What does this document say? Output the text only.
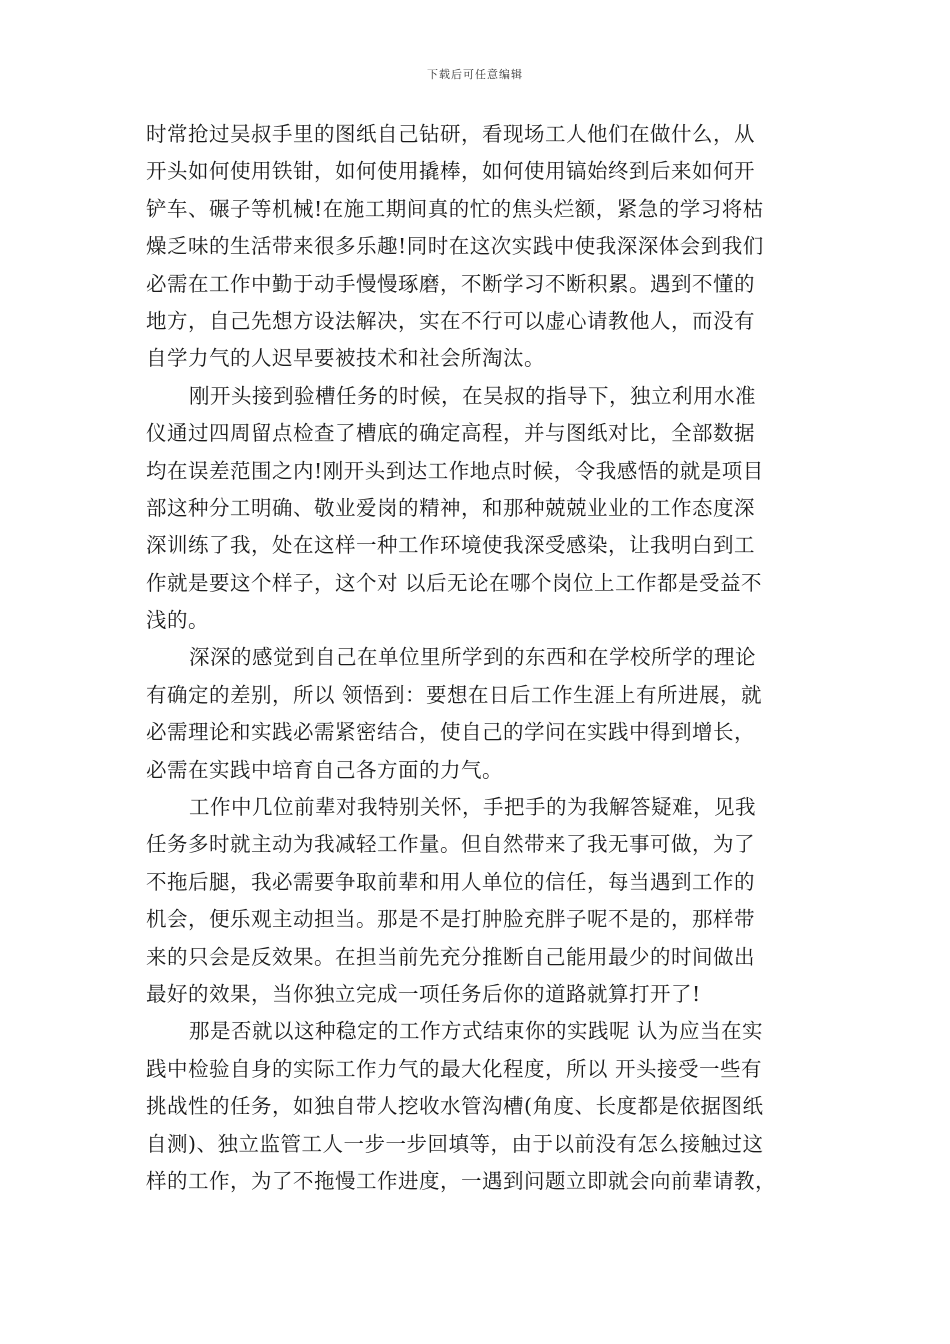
下载后可任意编辑
时常抢过吴叔手里的图纸自己钻研，看现场工人他们在做什么，从
开头如何使用铁钳，如何使用撬棒，如何使用镐始终到后来如何开
铲车、碾子等机械!在施工期间真的忙的焦头烂额，紧急的学习将枯
燥乏味的生活带来很多乐趣!同时在这次实践中使我深深体会到我们
必需在工作中勤于动手慢慢琢磨，不断学习不断积累。遇到不懂的
地方，自己先想方设法解决，实在不行可以虚心请教他人，而没有
自学力气的人迟早要被技术和社会所淘汰。
刚开头接到验槽任务的时候，在吴叔的指导下，独立利用水准
仪通过四周留点检查了槽底的确定高程，并与图纸对比，全部数据
均在误差范围之内!刚开头到达工作地点时候，令我感悟的就是项目
部这种分工明确、敬业爱岗的精神，和那种兢兢业业的工作态度深
深训练了我，处在这样一种工作环境使我深受感染，让我明白到工
作就是要这个样子，这个对 以后无论在哪个岗位上工作都是受益不
浅的。
深深的感觉到自己在单位里所学到的东西和在学校所学的理论
有确定的差别，所以 领悟到：要想在日后工作生涯上有所进展，就
必需理论和实践必需紧密结合，使自己的学问在实践中得到增长，
必需在实践中培育自己各方面的力气。
工作中几位前辈对我特别关怀，手把手的为我解答疑难，见我
任务多时就主动为我减轻工作量。但自然带来了我无事可做，为了
不拖后腿，我必需要争取前辈和用人单位的信任，每当遇到工作的
机会，便乐观主动担当。那是不是打肿脸充胖子呢不是的，那样带
来的只会是反效果。在担当前先充分推断自己能用最少的时间做出
最好的效果，当你独立完成一项任务后你的道路就算打开了!
那是否就以这种稳定的工作方式结束你的实践呢 认为应当在实
践中检验自身的实际工作力气的最大化程度，所以 开头接受一些有
挑战性的任务，如独自带人挖收水管沟槽(角度、长度都是依据图纸
自测)、独立监管工人一步一步回填等，由于以前没有怎么接触过这
样的工作，为了不拖慢工作进度，一遇到问题立即就会向前辈请教，
